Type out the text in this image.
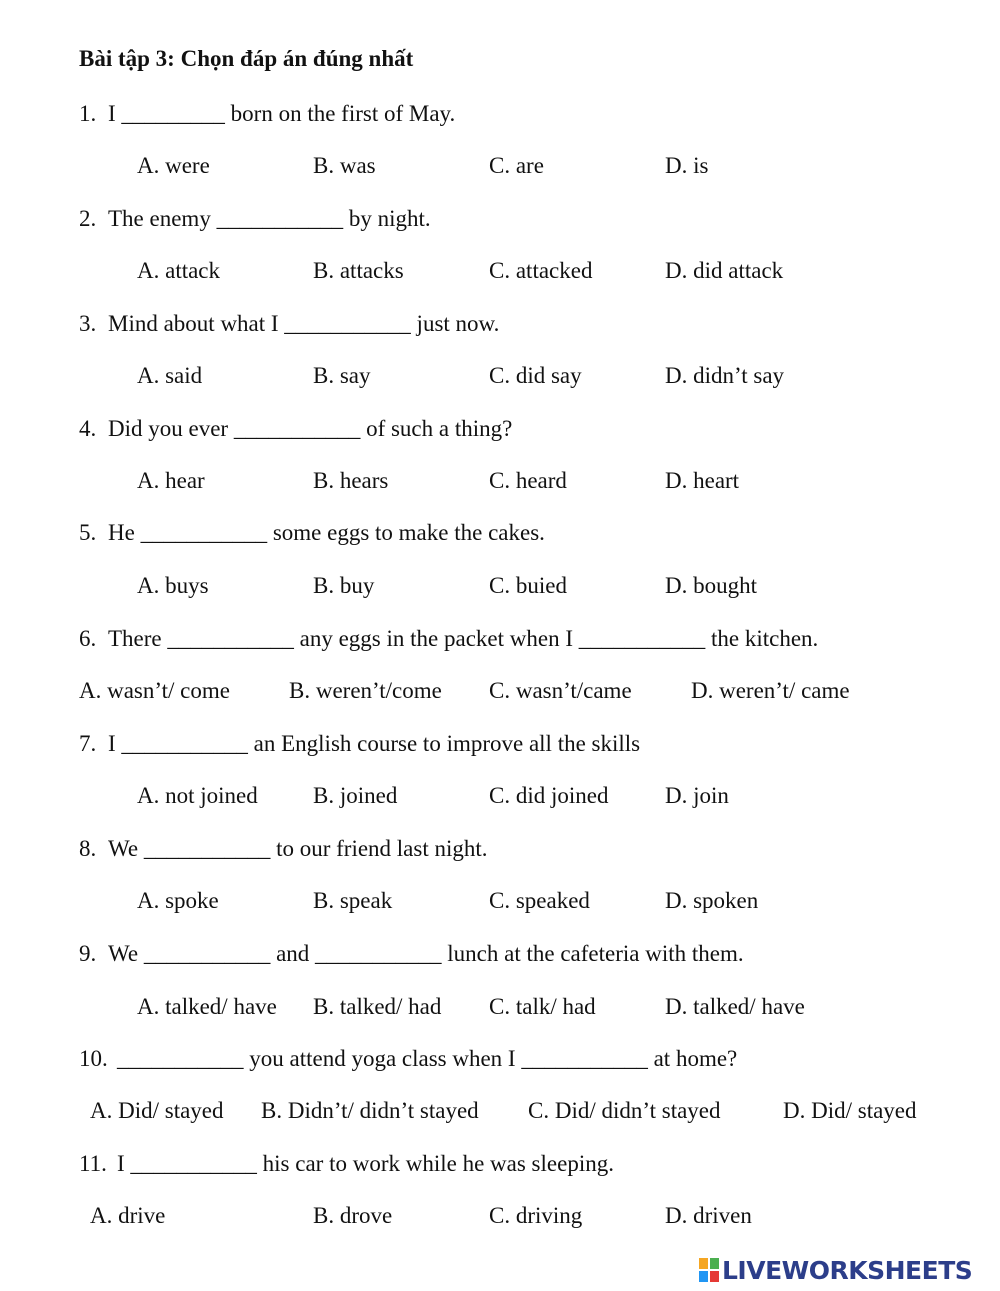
Bài tập 3: Chọn đáp án đúng nhất
1. I _________ born on the first of May.
A. were	B. was	C. are	D. is
2. The enemy ___________ by night.
A. attack	B. attacks	C. attacked	D. did attack
3. Mind about what I ___________ just now.
A. said	B. say	C. did say	D. didn’t say
4. Did you ever ___________ of such a thing?
A. hear	B. hears	C. heard	D. heart
5. He ___________ some eggs to make the cakes.
A. buys	B. buy	C. buied	D. bought
6. There ___________ any eggs in the packet when I ___________ the kitchen.
A. wasn’t/ come	B. weren’t/come C. wasn’t/came	D. weren’t/ came
7. I ___________ an English course to improve all the skills
A. not joined B. joined	C. did joined D. join
8. We ___________ to our friend last night.
A. spoke	B. speak	C. speaked	D. spoken
9. We ___________ and ___________ lunch at the cafeteria with them.
A. talked/ have B. talked/ had C. talk/ had	D. talked/ have
10. ___________ you attend yoga class when I ___________ at home?
A. Did/ stayed B. Didn’t/ didn’t stayed C. Did/ didn’t stayed	D. Did/ stayed
11. I ___________ his car to work while he was sleeping.
A. drive	B. drove	C. driving	D. driven
LIVEWORKSHEETS
